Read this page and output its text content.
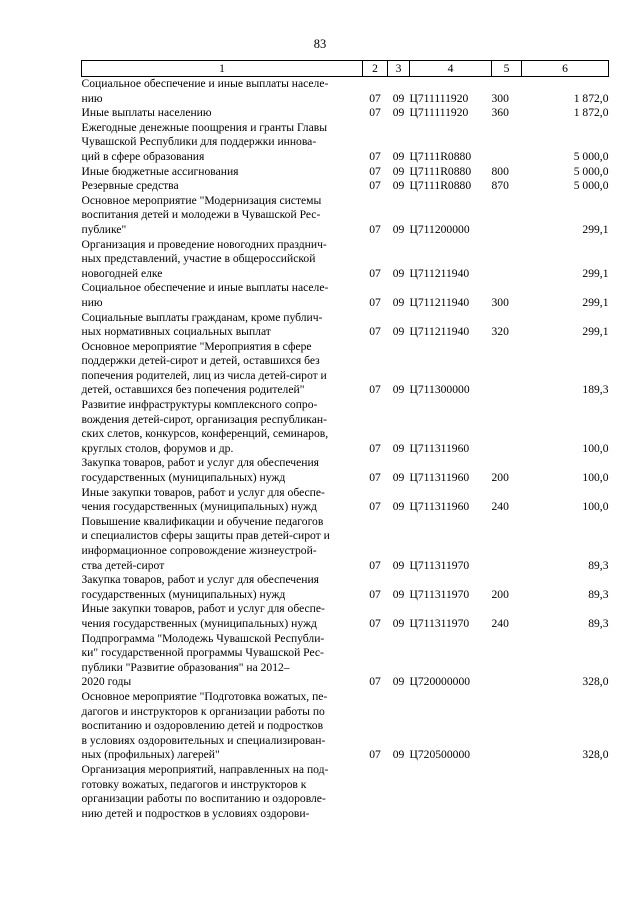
83
1	2	3	4	5	6
Социальное обеспечение и иные выплаты населе-
нию	07	09	Ц711111920	300	1 872,0
Иные выплаты населению	07	09	Ц711111920	360	1 872,0
Ежегодные денежные поощрения и гранты Главы
Чувашской Республики для поддержки иннова-
ций в сфере образования	07	09	Ц7111R0880		5 000,0
Иные бюджетные ассигнования	07	09	Ц7111R0880	800	5 000,0
Резервные средства	07	09	Ц7111R0880	870	5 000,0
Основное мероприятие "Модернизация системы
воспитания детей и молодежи в Чувашской Рес-
публике"	07	09	Ц711200000		299,1
Организация и проведение новогодних празднич-
ных представлений, участие в общероссийской
новогодней елке	07	09	Ц711211940		299,1
Социальное обеспечение и иные выплаты населе-
нию	07	09	Ц711211940	300	299,1
Социальные выплаты гражданам, кроме публич-
ных нормативных социальных выплат	07	09	Ц711211940	320	299,1
Основное мероприятие "Мероприятия в сфере
поддержки детей-сирот и детей, оставшихся без
попечения родителей, лиц из числа детей-сирот и
детей, оставшихся без попечения родителей"	07	09	Ц711300000		189,3
Развитие инфраструктуры комплексного сопро-
вождения детей-сирот, организация республикан-
ских слетов, конкурсов, конференций, семинаров,
круглых столов, форумов и др.	07	09	Ц711311960		100,0
Закупка товаров, работ и услуг для обеспечения
государственных (муниципальных) нужд	07	09	Ц711311960	200	100,0
Иные закупки товаров, работ и услуг для обеспе-
чения государственных (муниципальных) нужд	07	09	Ц711311960	240	100,0
Повышение квалификации и обучение педагогов
и специалистов сферы защиты прав детей-сирот и
информационное сопровождение жизнеустрой-
ства детей-сирот	07	09	Ц711311970		89,3
Закупка товаров, работ и услуг для обеспечения
государственных (муниципальных) нужд	07	09	Ц711311970	200	89,3
Иные закупки товаров, работ и услуг для обеспе-
чения государственных (муниципальных) нужд	07	09	Ц711311970	240	89,3
Подпрограмма "Молодежь Чувашской Республи-
ки" государственной программы Чувашской Рес-
публики "Развитие образования" на 2012–
2020 годы	07	09	Ц720000000		328,0
Основное мероприятие "Подготовка вожатых, пе-
дагогов и инструкторов к организации работы по
воспитанию и оздоровлению детей и подростков
в условиях оздоровительных и специализирован-
ных (профильных) лагерей"	07	09	Ц720500000		328,0
Организация мероприятий, направленных на под-
готовку вожатых, педагогов и инструкторов к
организации работы по воспитанию и оздоровле-
нию детей и подростков в условиях оздорови-					
